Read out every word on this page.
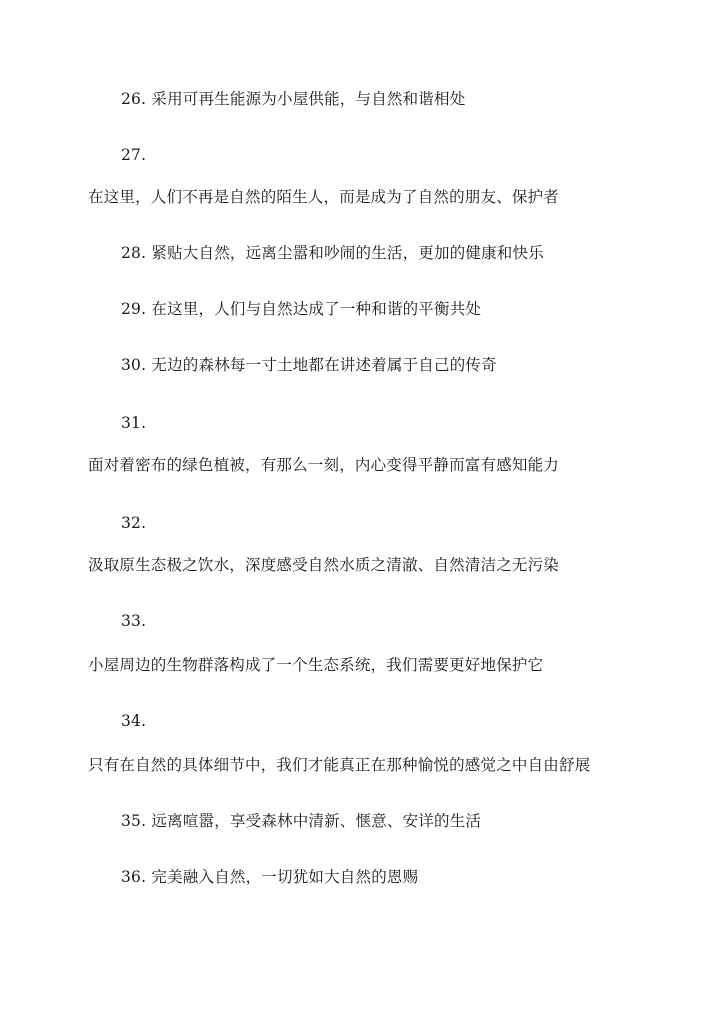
26. 采用可再生能源为小屋供能，与自然和谐相处
27.
在这里，人们不再是自然的陌生人，而是成为了自然的朋友、保护者
28. 紧贴大自然，远离尘嚣和吵闹的生活，更加的健康和快乐
29. 在这里，人们与自然达成了一种和谐的平衡共处
30. 无边的森林每一寸土地都在讲述着属于自己的传奇
31.
面对着密布的绿色植被，有那么一刻，内心变得平静而富有感知能力
32.
汲取原生态极之饮水，深度感受自然水质之清澈、自然清洁之无污染
33.
小屋周边的生物群落构成了一个生态系统，我们需要更好地保护它
34.
只有在自然的具体细节中，我们才能真正在那种愉悦的感觉之中自由舒展
35. 远离喧嚣，享受森林中清新、惬意、安详的生活
36. 完美融入自然，一切犹如大自然的恩赐
